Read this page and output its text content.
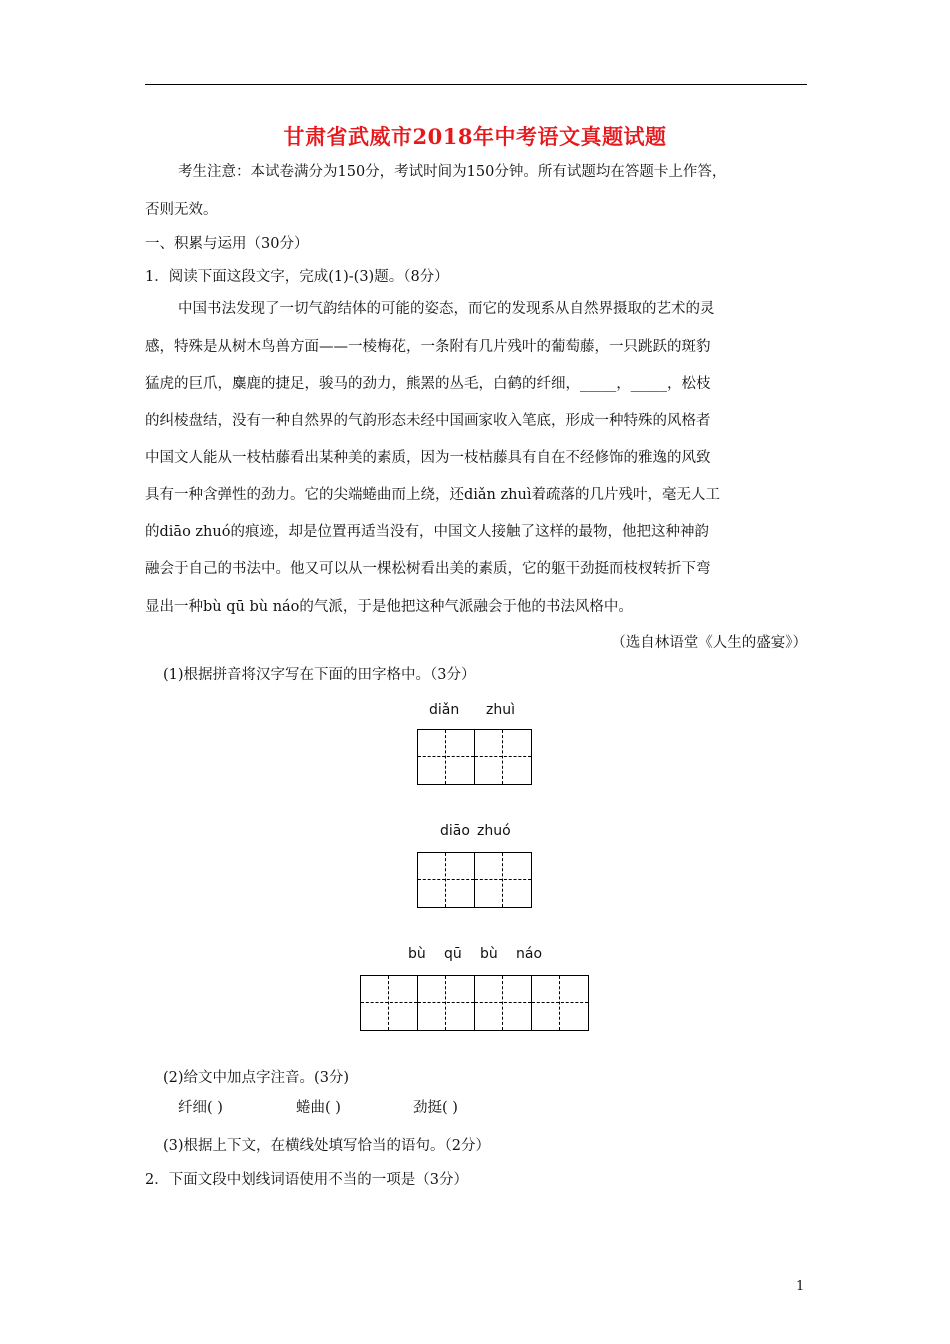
甘肃省武威市2018年中考语文真题试题
考生注意：本试卷满分为150分，考试时间为150分钟。所有试题均在答题卡上作答，
否则无效。
一、积累与运用（30分）
1．阅读下面这段文字，完成(1)-(3)题。（8分）
中国书法发现了一切气韵结体的可能的姿态，而它的发现系从自然界摄取的艺术的灵
感，特殊是从树木鸟兽方面——一棱梅花，一条附有几片残叶的葡萄藤，一只跳跃的斑豹
猛虎的巨爪，麋鹿的捷足，骏马的劲力，熊罴的丛毛，白鹤的纤细，_____，_____，松枝
的纠棱盘结，没有一种自然界的气韵形态未经中国画家收入笔底，形成一种特殊的风格者
中国文人能从一枝枯藤看出某种美的素质，因为一枝枯藤具有自在不经修饰的雅逸的风致
具有一种含弹性的劲力。它的尖端蜷曲而上绕，还diǎn zhuì着疏落的几片残叶，毫无人工
的diāo zhuó的痕迹，却是位置再适当没有，中国文人接触了这样的最物，他把这种神韵
融会于自己的书法中。他又可以从一棵松树看出美的素质，它的躯干劲挺而枝杈转折下弯
显出一种bù qū bù náo的气派，于是他把这种气派融会于他的书法风格中。
（选自林语堂《人生的盛宴》）
(1)根据拼音将汉字写在下面的田字格中。（3分）
diǎn zhuì
diāo zhuó
bù qū bù náo
(2)给文中加点字注音。(3分)
纤细( )	蜷曲( )	劲挺( )
(3)根据上下文，在横线处填写恰当的语句。（2分）
2．下面文段中划线词语使用不当的一项是（3分）
1
